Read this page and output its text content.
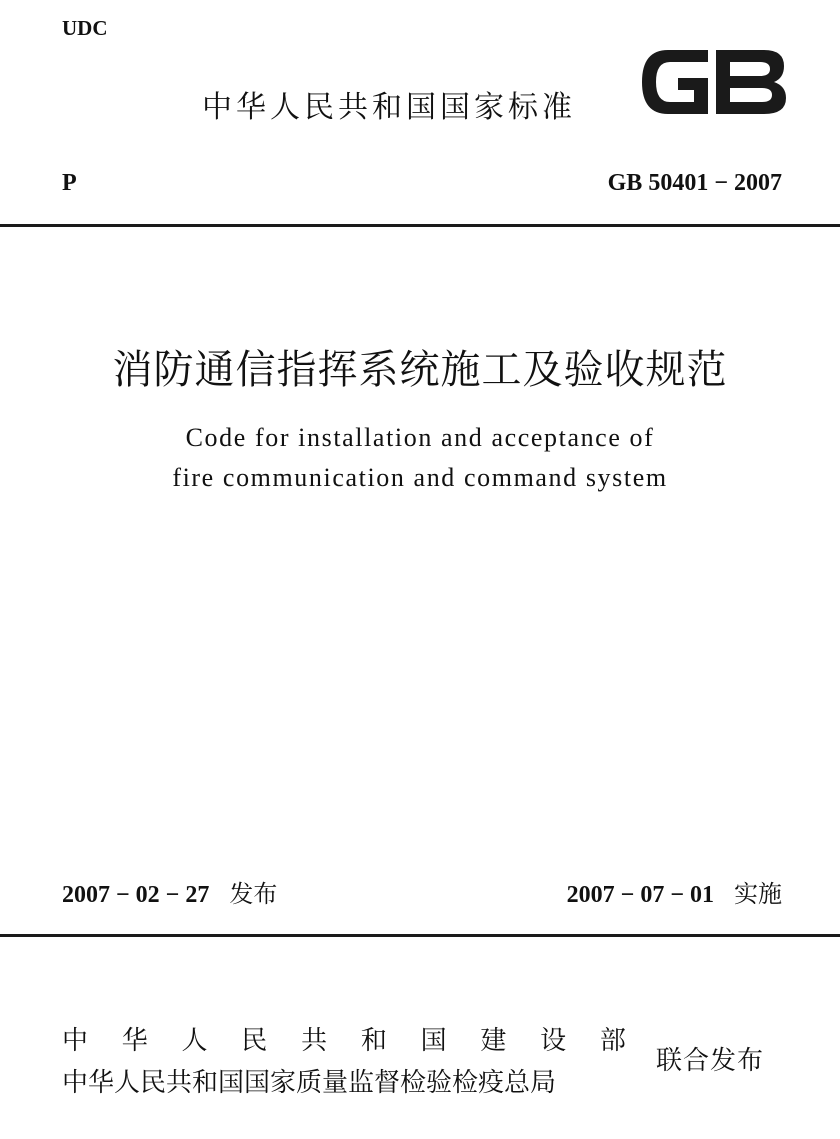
UDC
中华人民共和国国家标准
P	GB 50401 − 2007
消防通信指挥系统施工及验收规范
Code for installation and acceptance of
fire communication and command system
2007 − 02 − 27 发布	2007 − 07 − 01 实施
中 华 人 民 共 和 国 建 设 部
中华人民共和国国家质量监督检验检疫总局
联合发布
